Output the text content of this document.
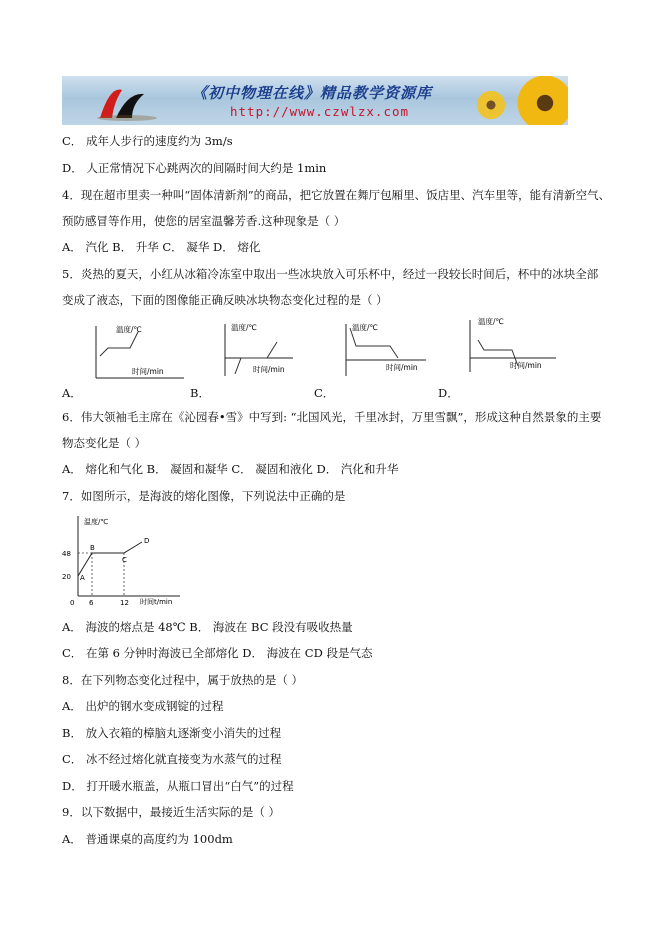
《初中物理在线》精品教学资源库
http://www.czwlzx.com
C． 成年人步行的速度约为 3m/s
D． 人正常情况下心跳两次的间隔时间大约是 1min
4．现在超市里卖一种叫“固体清新剂”的商品，把它放置在舞厅包厢里、饭店里、汽车里等，能有清新空气、
预防感冒等作用，使您的居室温馨芳香.这种现象是（ ）
A． 汽化 B． 升华 C． 凝华 D． 熔化
5．炎热的夏天，小红从冰箱冷冻室中取出一些冰块放入可乐杯中，经过一段较长时间后，杯中的冰块全部
变成了液态，下面的图像能正确反映冰块物态变化过程的是（ ）
温度/℃
时间/min
A．
温度/℃
时间/min
B．
温度/℃
时间/min
C．
温度/℃
时间/min
D．
6．伟大领袖毛主席在《沁园春•雪》中写到: “北国风光，千里冰封，万里雪飘”，形成这种自然景象的主要
物态变化是（ ）
A． 熔化和气化 B． 凝固和凝华 C． 凝固和液化 D． 汽化和升华
7．如图所示，是海波的熔化图像，下列说法中正确的是
温度/℃
时间t/min
48
20
0 6	12
A
B
C
D
A． 海波的熔点是 48℃ B． 海波在 BC 段没有吸收热量
C． 在第 6 分钟时海波已全部熔化 D． 海波在 CD 段是气态
8．在下列物态变化过程中，属于放热的是（ ）
A． 出炉的钢水变成钢锭的过程
B． 放入衣箱的樟脑丸逐渐变小消失的过程
C． 冰不经过熔化就直接变为水蒸气的过程
D． 打开暖水瓶盖，从瓶口冒出“白气”的过程
9．以下数据中，最接近生活实际的是（ ）
A． 普通课桌的高度约为 100dm
